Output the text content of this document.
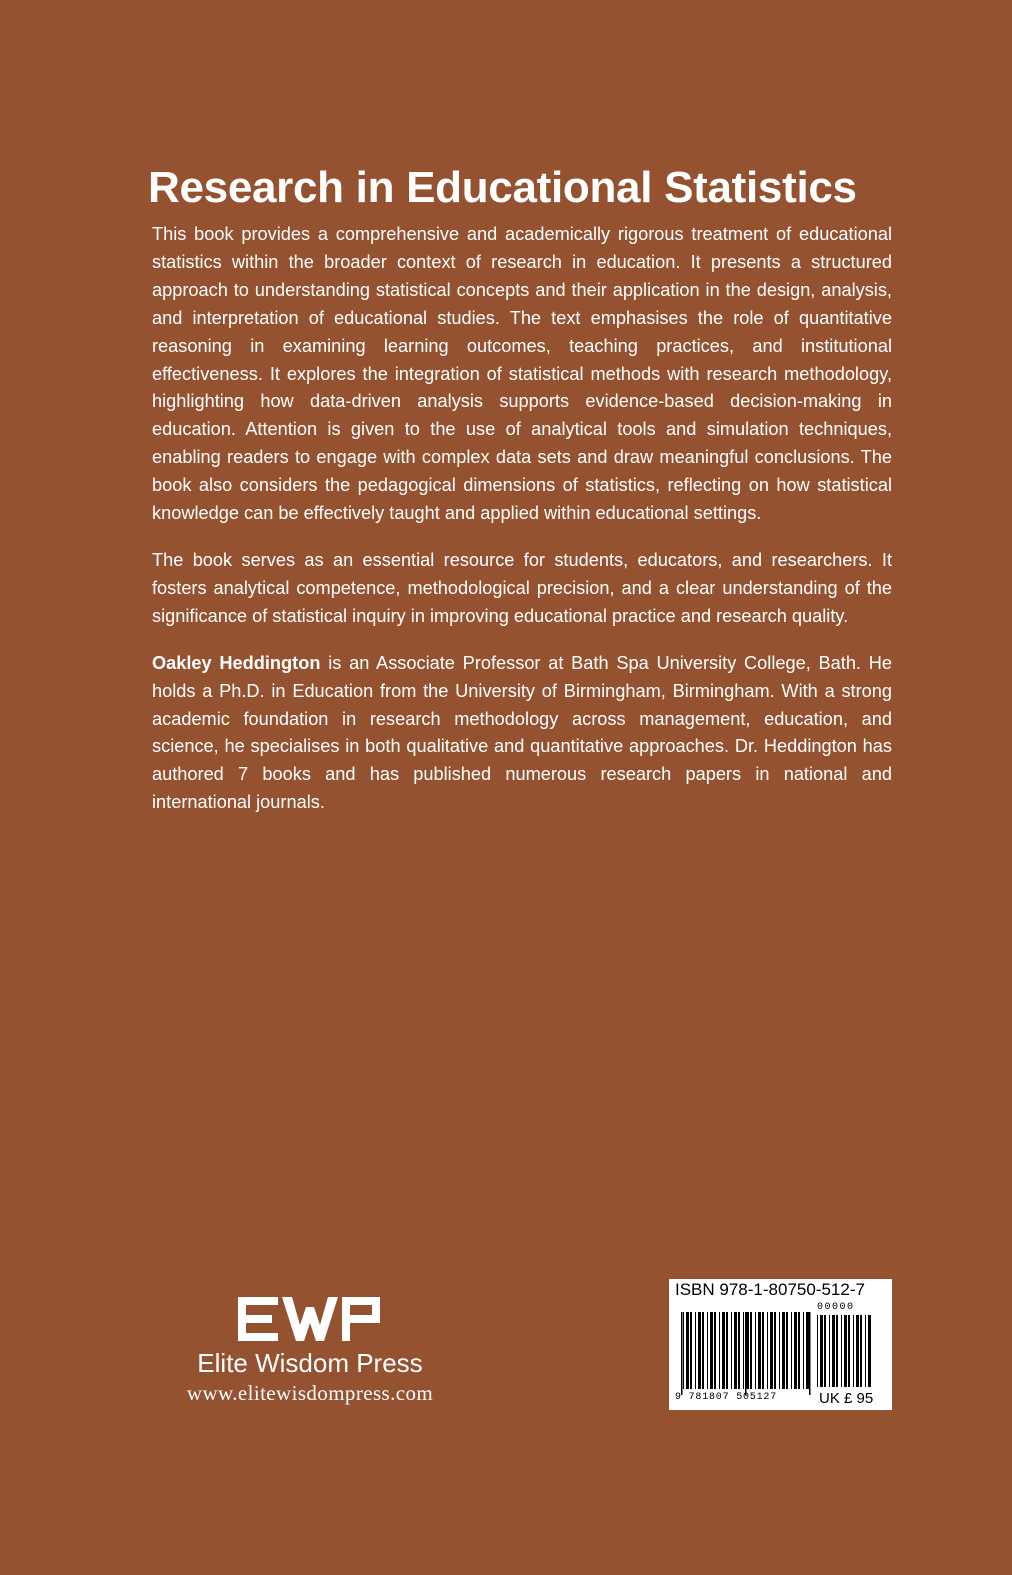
Research in Educational Statistics

This book provides a comprehensive and academically rigorous treatment of educational statistics within the broader context of research in education. It presents a structured approach to understanding statistical concepts and their application in the design, analysis, and interpretation of educational studies. The text emphasises the role of quantitative reasoning in examining learning outcomes, teaching practices, and institutional effectiveness. It explores the integration of statistical methods with research methodology, highlighting how data-driven analysis supports evidence-based decision-making in education. Attention is given to the use of analytical tools and simulation techniques, enabling readers to engage with complex data sets and draw meaningful conclusions. The book also considers the pedagogical dimensions of statistics, reflecting on how statistical knowledge can be effectively taught and applied within educational settings.

The book serves as an essential resource for students, educators, and researchers. It fosters analytical competence, methodological precision, and a clear understanding of the significance of statistical inquiry in improving educational practice and research quality.

Oakley Heddington is an Associate Professor at Bath Spa University College, Bath. He holds a Ph.D. in Education from the University of Birmingham, Birmingham. With a strong academic foundation in research methodology across management, education, and science, he specialises in both qualitative and quantitative approaches. Dr. Heddington has authored 7 books and has published numerous research papers in national and international journals.

Elite Wisdom Press
www.elitewisdompress.com
ISBN 978-1-80750-512-7
00000
9 781807 505127	UK £ 95
